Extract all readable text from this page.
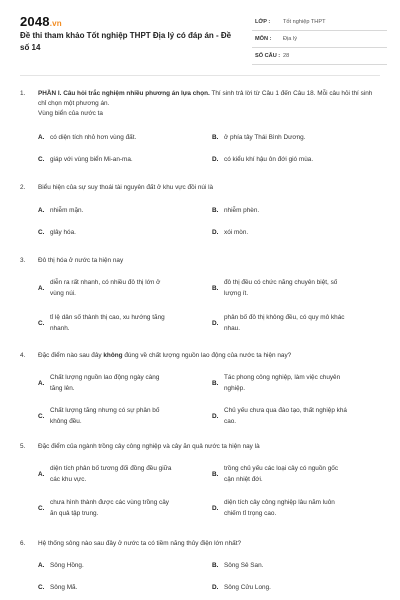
2048.vn
Đề thi tham khảo Tốt nghiệp THPT Địa lý có đáp án - Đề số 14
LỚP : Tốt nghiệp THPT
MÔN : Địa lý
SỐ CÂU : 28
1. PHẦN I. Câu hỏi trắc nghiệm nhiều phương án lựa chọn. Thí sinh trả lời từ Câu 1 đến Câu 18. Mỗi câu hỏi thí sinh chỉ chọn một phương án.
Vùng biển của nước ta
A. có diện tích nhỏ hơn vùng đất.	B. ở phía tây Thái Bình Dương.
C. giáp với vùng biển Mi-an-ma.	D. có kiểu khí hậu ôn đới gió mùa.
2. Biểu hiện của sự suy thoái tài nguyên đất ở khu vực đồi núi là
A. nhiễm mặn.	B. nhiễm phèn.
C. glây hóa.	D. xói mòn.
3. Đô thị hóa ở nước ta hiện nay
A.
diễn ra rất nhanh, có nhiều đô thị lớn ở
vùng núi.
B.
đô thị đều có chức năng chuyên biệt, số
lượng ít.
C.
tỉ lệ dân số thành thị cao, xu hướng tăng
nhanh.
D.
phân bố đô thị không đều, có quy mô khác
nhau.
4. Đặc điểm nào sau đây không đúng về chất lượng nguồn lao động của nước ta hiện nay?
A.
Chất lượng nguồn lao động ngày càng
tăng lên.
B.
Tác phong công nghiệp, làm việc chuyên
nghiệp.
C.
Chất lượng tăng nhưng có sự phân bố
không đều.
D.
Chủ yếu chưa qua đào tạo, thất nghiệp khá
cao.
5. Đặc điểm của ngành trồng cây công nghiệp và cây ăn quả nước ta hiện nay là
A.
diện tích phân bố tương đối đồng đều giữa
các khu vực.
B.
trồng chủ yếu các loại cây có nguồn gốc
cận nhiệt đới.
C.
chưa hình thành được các vùng trồng cây
ăn quả tập trung.
D.
diện tích cây công nghiệp lâu năm luôn
chiếm tỉ trọng cao.
6. Hệ thống sông nào sau đây ở nước ta có tiềm năng thủy điện lớn nhất?
A. Sông Hồng.	B. Sông Sê San.
C. Sông Mã.	D. Sông Cửu Long.
